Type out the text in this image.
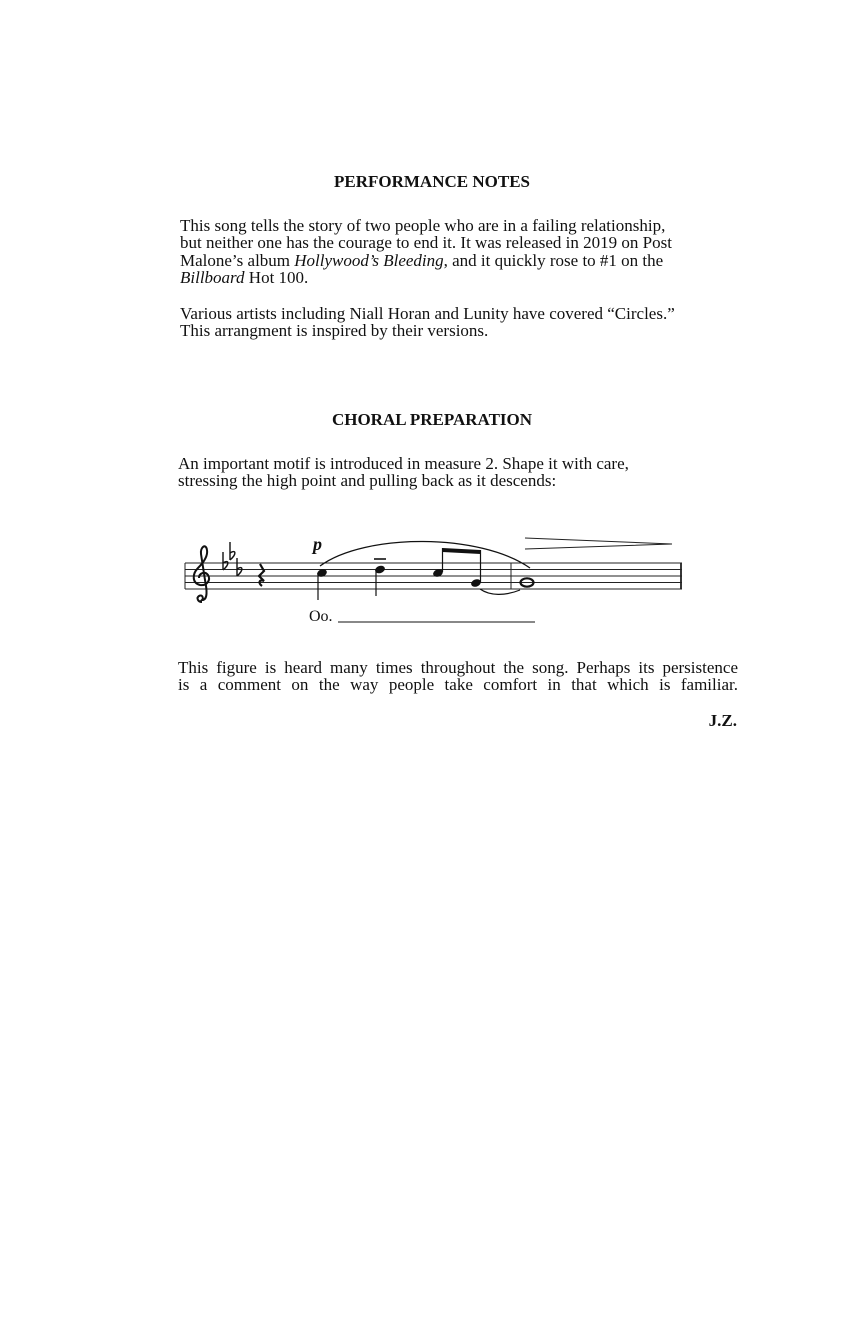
PERFORMANCE NOTES

This song tells the story of two people who are in a failing relationship,
but neither one has the courage to end it. It was released in 2019 on Post
Malone’s album Hollywood’s Bleeding, and it quickly rose to #1 on the
Billboard Hot 100.

Various artists including Niall Horan and Lunity have covered “Circles.”
This arrangment is inspired by their versions.

CHORAL PREPARATION

An important motif is introduced in measure 2. Shape it with care,
stressing the high point and pulling back as it descends:

p
Oo.

This figure is heard many times throughout the song. Perhaps its persistence
is a comment on the way people take comfort in that which is familiar.

J.Z.
